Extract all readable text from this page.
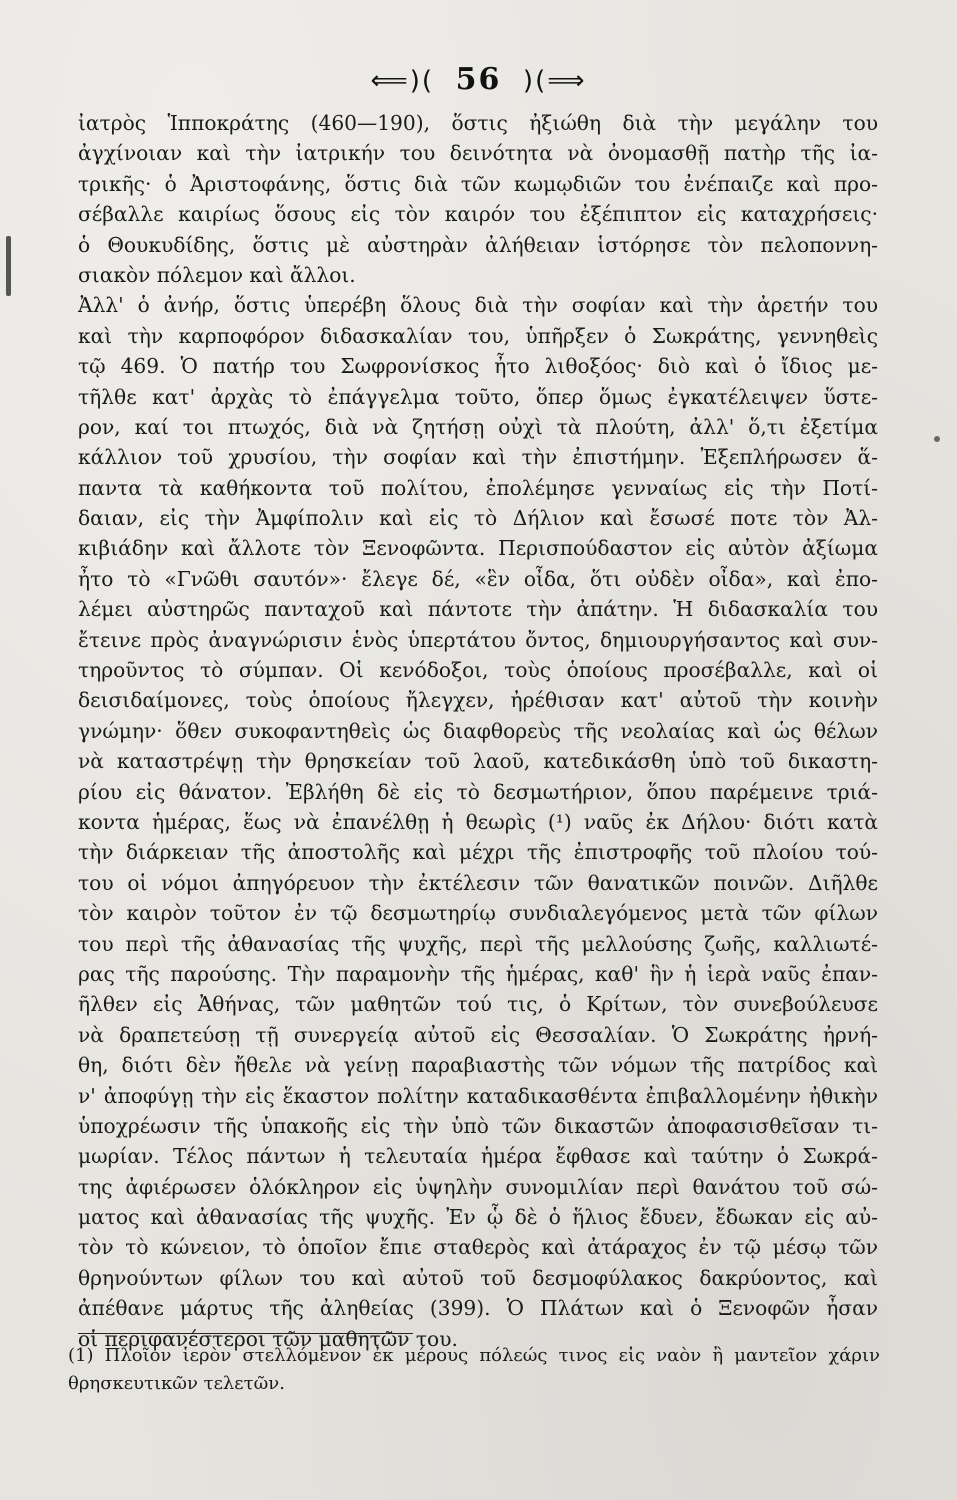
⟸)( 56 )(⟹
ἰατρὸς Ἱπποκράτης (460—190), ὅστις ἠξιώθη διὰ τὴν μεγάλην του
ἀγχίνοιαν καὶ τὴν ἰατρικήν του δεινότητα νὰ ὀνομασθῇ πατὴρ τῆς ἰα-
τρικῆς· ὁ Ἀριστοφάνης, ὅστις διὰ τῶν κωμῳδιῶν του ἐνέπαιζε καὶ προ-
σέβαλλε καιρίως ὅσους εἰς τὸν καιρόν του ἐξέπιπτον εἰς καταχρήσεις·
ὁ Θουκυδίδης, ὅστις μὲ αὐστηρὰν ἀλήθειαν ἱστόρησε τὸν πελοποννη-
σιακὸν πόλεμον καὶ ἄλλοι.
Ἀλλ' ὁ ἀνήρ, ὅστις ὑπερέβη ὅλους διὰ τὴν σοφίαν καὶ τὴν ἀρετήν του
καὶ τὴν καρποφόρον διδασκαλίαν του, ὑπῆρξεν ὁ Σωκράτης, γεννηθεὶς
τῷ 469. Ὁ πατήρ του Σωφρονίσκος ἦτο λιθοξόος· διὸ καὶ ὁ ἴδιος με-
τῆλθε κατ' ἀρχὰς τὸ ἐπάγγελμα τοῦτο, ὅπερ ὅμως ἐγκατέλειψεν ὕστε-
ρον, καί τοι πτωχός, διὰ νὰ ζητήσῃ οὐχὶ τὰ πλούτη, ἀλλ' ὅ,τι ἐξετίμα
κάλλιον τοῦ χρυσίου, τὴν σοφίαν καὶ τὴν ἐπιστήμην. Ἐξεπλήρωσεν ἅ-
παντα τὰ καθήκοντα τοῦ πολίτου, ἐπολέμησε γενναίως εἰς τὴν Ποτί-
δαιαν, εἰς τὴν Ἀμφίπολιν καὶ εἰς τὸ Δήλιον καὶ ἔσωσέ ποτε τὸν Ἀλ-
κιβιάδην καὶ ἄλλοτε τὸν Ξενοφῶντα. Περισπούδαστον εἰς αὐτὸν ἀξίωμα
ἦτο τὸ «Γνῶθι σαυτόν»· ἔλεγε δέ, «ἓν οἶδα, ὅτι οὐδὲν οἶδα», καὶ ἐπο-
λέμει αὐστηρῶς πανταχοῦ καὶ πάντοτε τὴν ἀπάτην. Ἡ διδασκαλία του
ἔτεινε πρὸς ἀναγνώρισιν ἑνὸς ὑπερτάτου ὄντος, δημιουργήσαντος καὶ συν-
τηροῦντος τὸ σύμπαν. Οἱ κενόδοξοι, τοὺς ὁποίους προσέβαλλε, καὶ οἱ
δεισιδαίμονες, τοὺς ὁποίους ἤλεγχεν, ἠρέθισαν κατ' αὐτοῦ τὴν κοινὴν
γνώμην· ὅθεν συκοφαντηθεὶς ὡς διαφθορεὺς τῆς νεολαίας καὶ ὡς θέλων
νὰ καταστρέψῃ τὴν θρησκείαν τοῦ λαοῦ, κατεδικάσθη ὑπὸ τοῦ δικαστη-
ρίου εἰς θάνατον. Ἐβλήθη δὲ εἰς τὸ δεσμωτήριον, ὅπου παρέμεινε τριά-
κοντα ἡμέρας, ἕως νὰ ἐπανέλθῃ ἡ θεωρὶς (¹) ναῦς ἐκ Δήλου· διότι κατὰ
τὴν διάρκειαν τῆς ἀποστολῆς καὶ μέχρι τῆς ἐπιστροφῆς τοῦ πλοίου τού-
του οἱ νόμοι ἀπηγόρευον τὴν ἐκτέλεσιν τῶν θανατικῶν ποινῶν. Διῆλθε
τὸν καιρὸν τοῦτον ἐν τῷ δεσμωτηρίῳ συνδιαλεγόμενος μετὰ τῶν φίλων
του περὶ τῆς ἀθανασίας τῆς ψυχῆς, περὶ τῆς μελλούσης ζωῆς, καλλιωτέ-
ρας τῆς παρούσης. Τὴν παραμονὴν τῆς ἡμέρας, καθ' ἣν ἡ ἱερὰ ναῦς ἐπαν-
ῆλθεν εἰς Ἀθήνας, τῶν μαθητῶν τού τις, ὁ Κρίτων, τὸν συνεβούλευσε
νὰ δραπετεύσῃ τῇ συνεργείᾳ αὐτοῦ εἰς Θεσσαλίαν. Ὁ Σωκράτης ἠρνή-
θη, διότι δὲν ἤθελε νὰ γείνῃ παραβιαστὴς τῶν νόμων τῆς πατρίδος καὶ
ν' ἀποφύγῃ τὴν εἰς ἕκαστον πολίτην καταδικασθέντα ἐπιβαλλομένην ἠθικὴν
ὑποχρέωσιν τῆς ὑπακοῆς εἰς τὴν ὑπὸ τῶν δικαστῶν ἀποφασισθεῖσαν τι-
μωρίαν. Τέλος πάντων ἡ τελευταία ἡμέρα ἔφθασε καὶ ταύτην ὁ Σωκρά-
της ἀφιέρωσεν ὁλόκληρον εἰς ὑψηλὴν συνομιλίαν περὶ θανάτου τοῦ σώ-
ματος καὶ ἀθανασίας τῆς ψυχῆς. Ἐν ᾧ δὲ ὁ ἥλιος ἔδυεν, ἔδωκαν εἰς αὐ-
τὸν τὸ κώνειον, τὸ ὁποῖον ἔπιε σταθερὸς καὶ ἀτάραχος ἐν τῷ μέσῳ τῶν
θρηνούντων φίλων του καὶ αὐτοῦ τοῦ δεσμοφύλακος δακρύοντος, καὶ
ἀπέθανε μάρτυς τῆς ἀληθείας (399). Ὁ Πλάτων καὶ ὁ Ξενοφῶν ἦσαν
οἱ περιφανέστεροι τῶν μαθητῶν του.
(1) Πλοῖον ἱερὸν στελλόμενον ἐκ μέρους πόλεώς τινος εἰς ναὸν ἢ μαντεῖον χάριν
θρησκευτικῶν τελετῶν.
